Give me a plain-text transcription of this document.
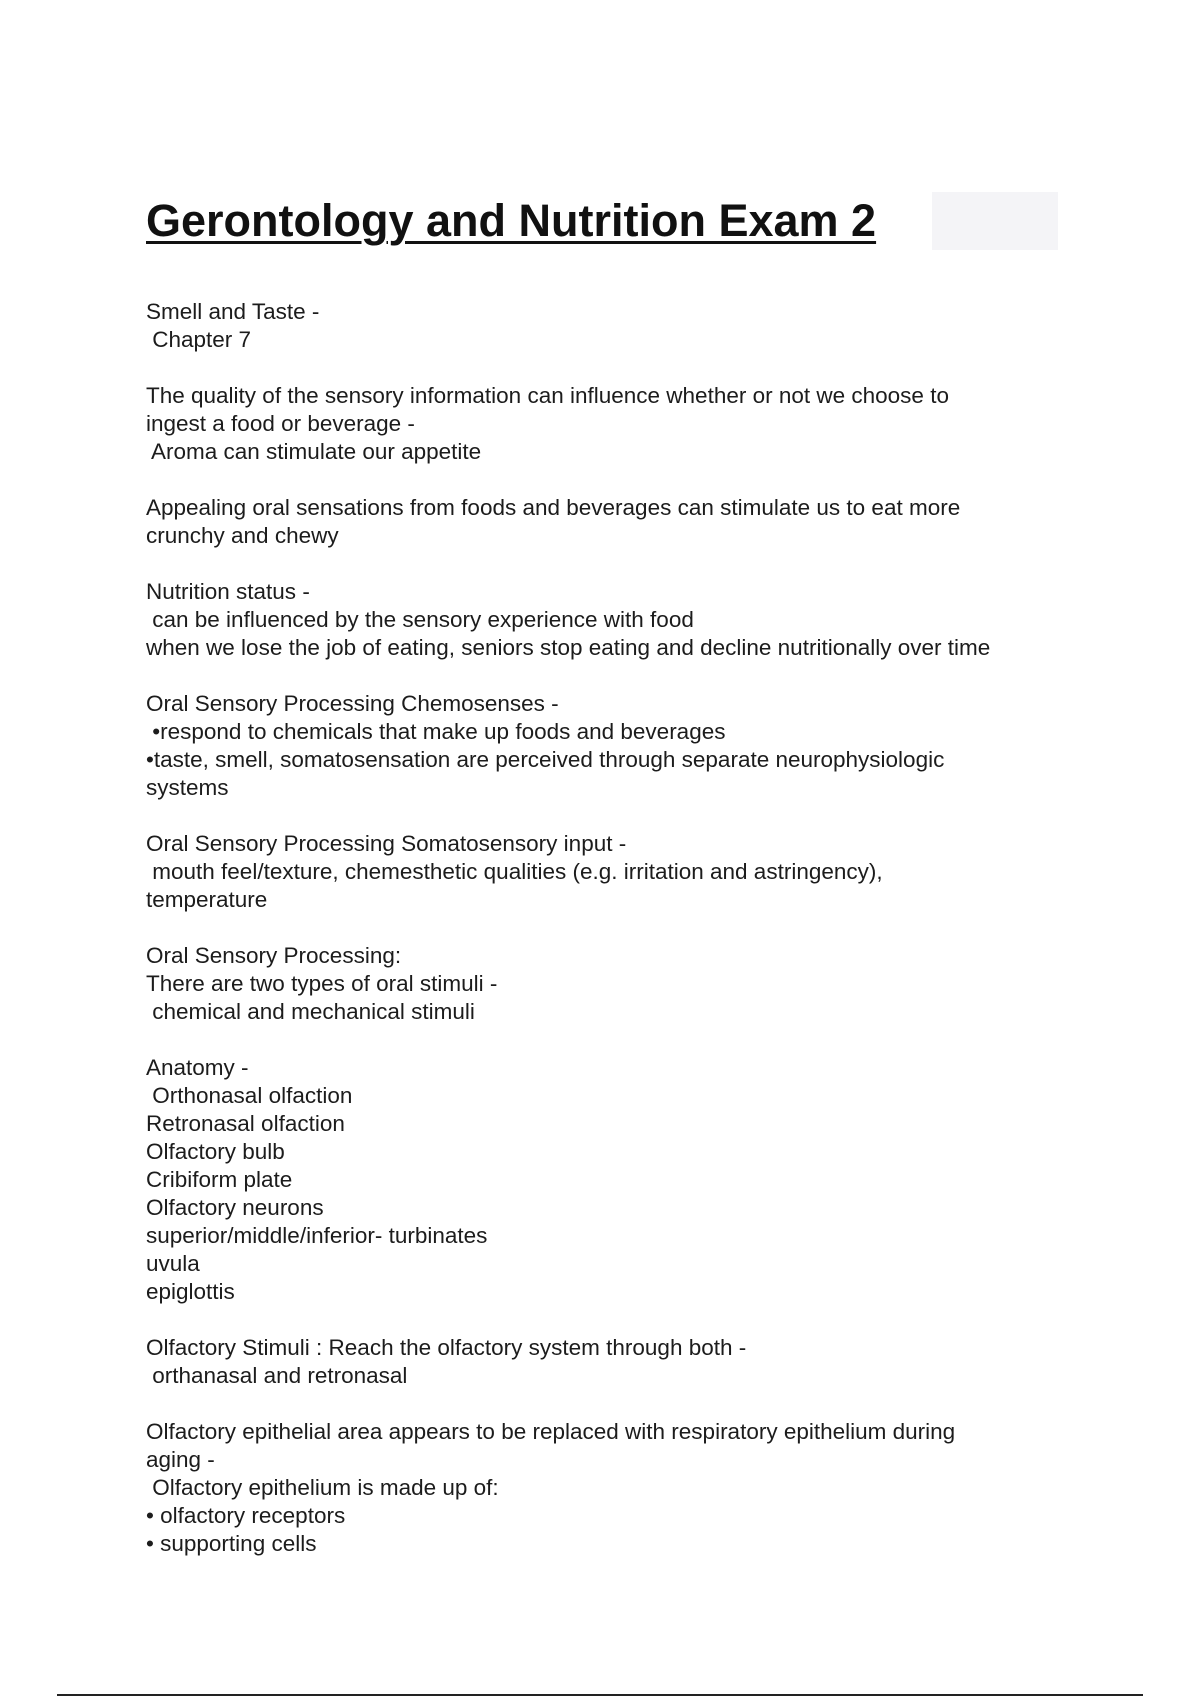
Gerontology and Nutrition Exam 2
Smell and Taste -
Chapter 7
The quality of the sensory information can influence whether or not we choose to
ingest a food or beverage -
Aroma can stimulate our appetite
Appealing oral sensations from foods and beverages can stimulate us to eat more
crunchy and chewy
Nutrition status -
can be influenced by the sensory experience with food
when we lose the job of eating, seniors stop eating and decline nutritionally over time
Oral Sensory Processing Chemosenses -
•respond to chemicals that make up foods and beverages
•taste, smell, somatosensation are perceived through separate neurophysiologic
systems
Oral Sensory Processing Somatosensory input -
mouth feel/texture, chemesthetic qualities (e.g. irritation and astringency),
temperature
Oral Sensory Processing:
There are two types of oral stimuli -
chemical and mechanical stimuli
Anatomy -
Orthonasal olfaction
Retronasal olfaction
Olfactory bulb
Cribiform plate
Olfactory neurons
superior/middle/inferior- turbinates
uvula
epiglottis
Olfactory Stimuli : Reach the olfactory system through both -
orthanasal and retronasal
Olfactory epithelial area appears to be replaced with respiratory epithelium during
aging -
Olfactory epithelium is made up of:
• olfactory receptors
• supporting cells
